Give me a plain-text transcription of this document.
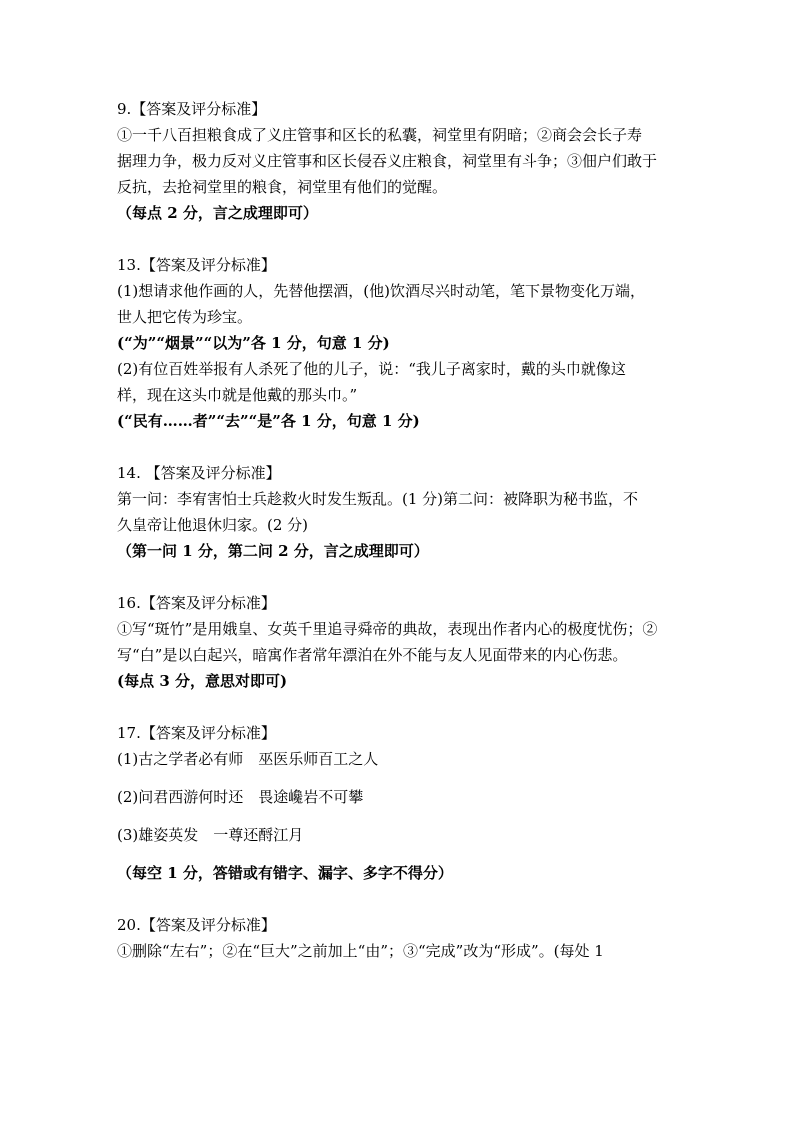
9.【答案及评分标准】
①一千八百担粮食成了义庄管事和区长的私囊，祠堂里有阴暗；②商会会长子寿
据理力争，极力反对义庄管事和区长侵吞义庄粮食，祠堂里有斗争；③佃户们敢于
反抗，去抢祠堂里的粮食，祠堂里有他们的觉醒。
（每点 2 分，言之成理即可）
13.【答案及评分标准】
(1)想请求他作画的人，先替他摆酒，(他)饮酒尽兴时动笔，笔下景物变化万端，
世人把它传为珍宝。
(“为”“烟景”“以为”各 1 分，句意 1 分)
(2)有位百姓举报有人杀死了他的儿子，说：“我儿子离家时，戴的头巾就像这
样，现在这头巾就是他戴的那头巾。”
(“民有……者”“去”“是”各 1 分，句意 1 分)
14. 【答案及评分标准】
第一问：李宥害怕士兵趁救火时发生叛乱。(1 分)第二问：被降职为秘书监，不
久皇帝让他退休归家。(2 分)
（第一问 1 分，第二问 2 分，言之成理即可）
16.【答案及评分标准】
①写“斑竹”是用娥皇、女英千里追寻舜帝的典故，表现出作者内心的极度忧伤；②
写“白”是以白起兴，暗寓作者常年漂泊在外不能与友人见面带来的内心伤悲。
(每点 3 分，意思对即可)
17.【答案及评分标准】
(1)古之学者必有师　巫医乐师百工之人
(2)问君西游何时还　畏途巉岩不可攀
(3)雄姿英发　一尊还酹江月
（每空 1 分，答错或有错字、漏字、多字不得分）
20.【答案及评分标准】
①删除“左右”；②在“巨大”之前加上“由”；③“完成”改为“形成”。(每处 1
